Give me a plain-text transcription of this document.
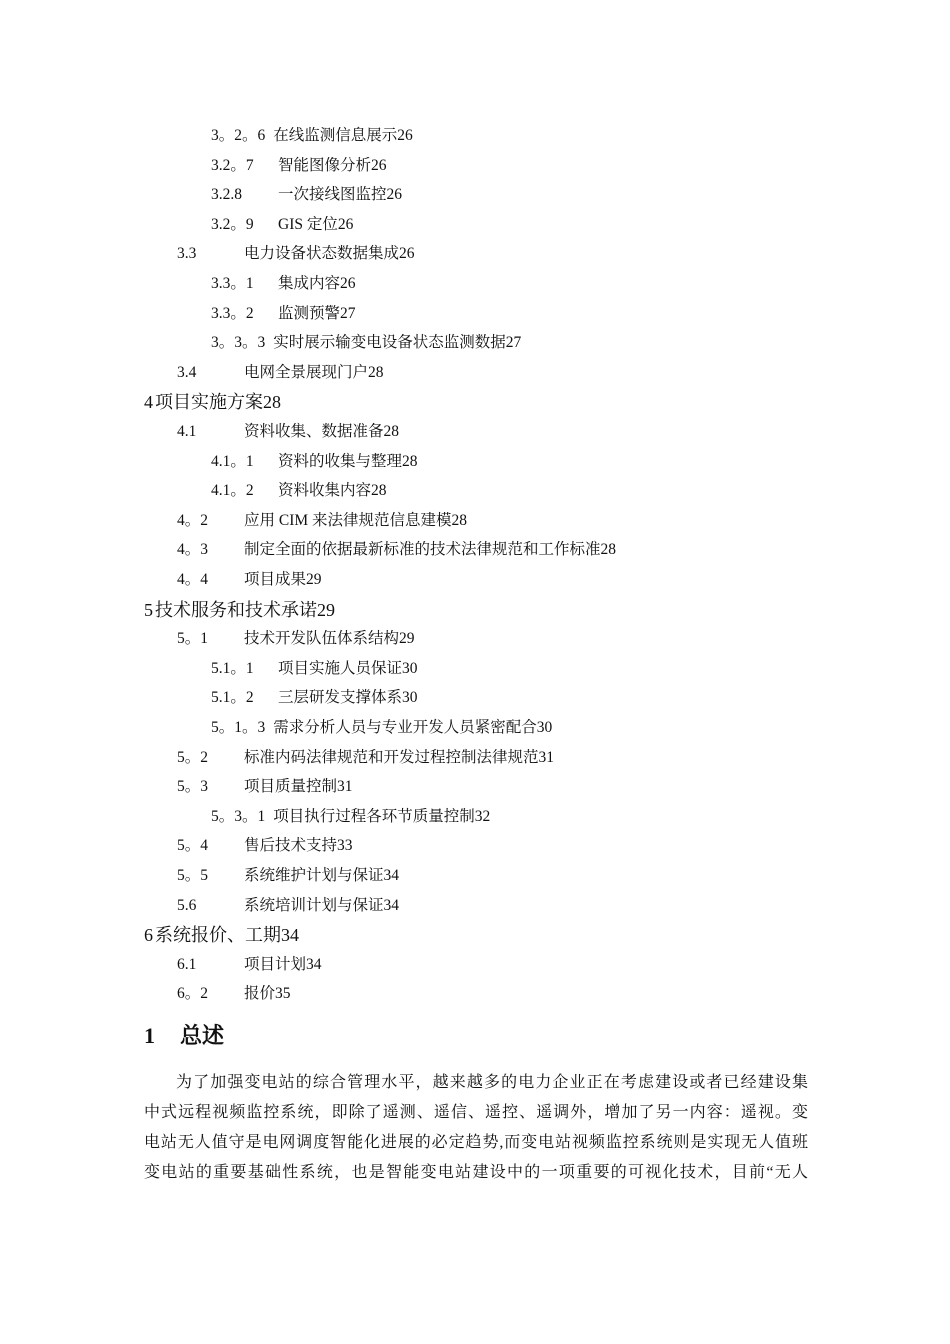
3。2。6 在线监测信息展示26
3.2。7 智能图像分析26
3.2.8 一次接线图监控26
3.2。9 GIS 定位26
3.3	电力设备状态数据集成26
3.3。1 集成内容26
3.3。2 监测预警27
3。3。3 实时展示输变电设备状态监测数据27
3.4	电网全景展现门户28
4 项目实施方案28
4.1	资料收集、数据准备28
4.1。1 资料的收集与整理28
4.1。2 资料收集内容28
4。2 应用 CIM 来法律规范信息建模28
4。3 制定全面的依据最新标准的技术法律规范和工作标准28
4。4 项目成果29
5 技术服务和技术承诺29
5。1 技术开发队伍体系结构29
5.1。1 项目实施人员保证30
5.1。2 三层研发支撑体系30
5。1。3 需求分析人员与专业开发人员紧密配合30
5。2 标准内码法律规范和开发过程控制法律规范31
5。3 项目质量控制31
5。3。1 项目执行过程各环节质量控制32
5。4 售后技术支持33
5。5 系统维护计划与保证34
5.6	系统培训计划与保证34
6 系统报价、工期34
6.1	项目计划34
6。2 报价35
1 总述
为了加强变电站的综合管理水平，越来越多的电力企业正在考虑建设或者已经建设集
中式远程视频监控系统，即除了遥测、遥信、遥控、遥调外，增加了另一内容：遥视。变
电站无人值守是电网调度智能化进展的必定趋势,而变电站视频监控系统则是实现无人值班
变电站的重要基础性系统，也是智能变电站建设中的一项重要的可视化技术，目前“无人
